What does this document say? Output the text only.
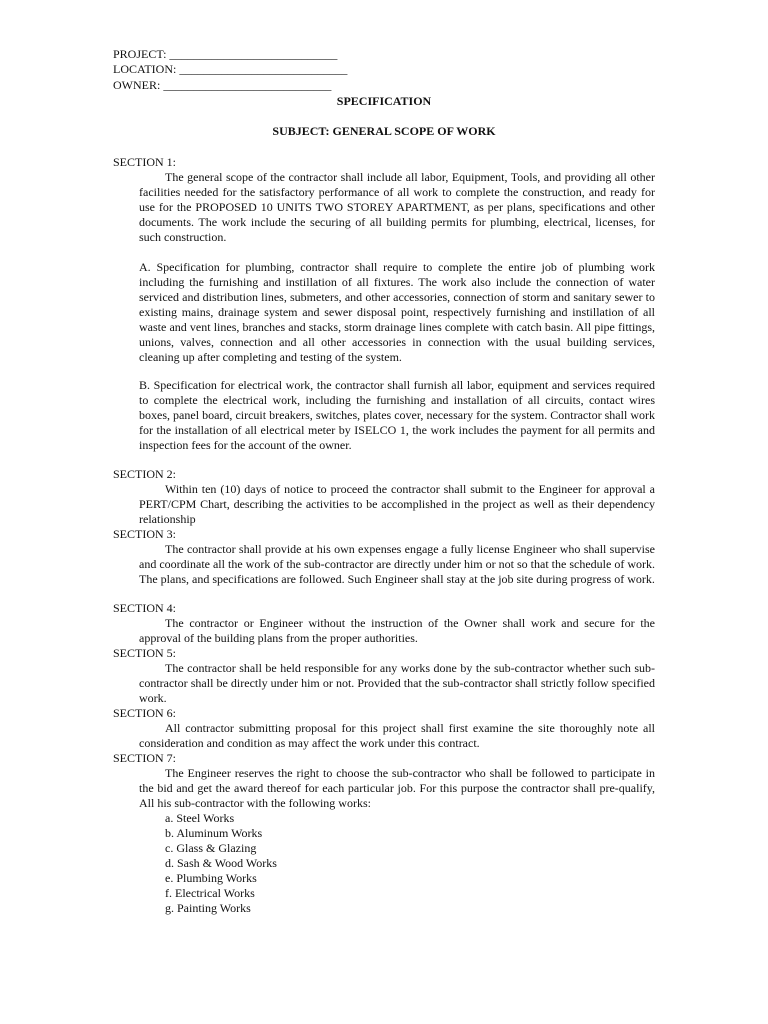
PROJECT: ____________________________
LOCATION: ____________________________
OWNER: ____________________________
SPECIFICATION
SUBJECT: GENERAL SCOPE OF WORK
SECTION 1:
The general scope of the contractor shall include all labor, Equipment, Tools, and providing all other facilities needed for the satisfactory performance of all work to complete the construction, and ready for use for the PROPOSED 10 UNITS TWO STOREY APARTMENT, as per plans, specifications and other documents. The work include the securing of all building permits for plumbing, electrical, licenses, for such construction.
A. Specification for plumbing, contractor shall require to complete the entire job of plumbing work including the furnishing and instillation of all fixtures. The work also include the connection of water serviced and distribution lines, submeters, and other accessories, connection of storm and sanitary sewer to existing mains, drainage system and sewer disposal point, respectively furnishing and instillation of all waste and vent lines, branches and stacks, storm drainage lines complete with catch basin. All pipe fittings, unions, valves, connection and all other accessories in connection with the usual building services, cleaning up after completing and testing of the system.
B. Specification for electrical work, the contractor shall furnish all labor, equipment and services required to complete the electrical work, including the furnishing and installation of all circuits, contact wires boxes, panel board, circuit breakers, switches, plates cover, necessary for the system. Contractor shall work for the installation of all electrical meter by ISELCO 1, the work includes the payment for all permits and inspection fees for the account of the owner.
SECTION 2:
Within ten (10) days of notice to proceed the contractor shall submit to the Engineer for approval a PERT/CPM Chart, describing the activities to be accomplished in the project as well as their dependency relationship
SECTION 3:
The contractor shall provide at his own expenses engage a fully license Engineer who shall supervise and coordinate all the work of the sub-contractor are directly under him or not so that the schedule of work. The plans, and specifications are followed. Such Engineer shall stay at the job site during progress of work.
SECTION 4:
The contractor or Engineer without the instruction of the Owner shall work and secure for the approval of the building plans from the proper authorities.
SECTION 5:
The contractor shall be held responsible for any works done by the sub-contractor whether such sub-contractor shall be directly under him or not. Provided that the sub-contractor shall strictly follow specified work.
SECTION 6:
All contractor submitting proposal for this project shall first examine the site thoroughly note all consideration and condition as may affect the work under this contract.
SECTION 7:
The Engineer reserves the right to choose the sub-contractor who shall be followed to participate in the bid and get the award thereof for each particular job. For this purpose the contractor shall pre-qualify, All his sub-contractor with the following works:
a. Steel Works
b. Aluminum Works
c. Glass & Glazing
d. Sash & Wood Works
e. Plumbing Works
f. Electrical Works
g. Painting Works
